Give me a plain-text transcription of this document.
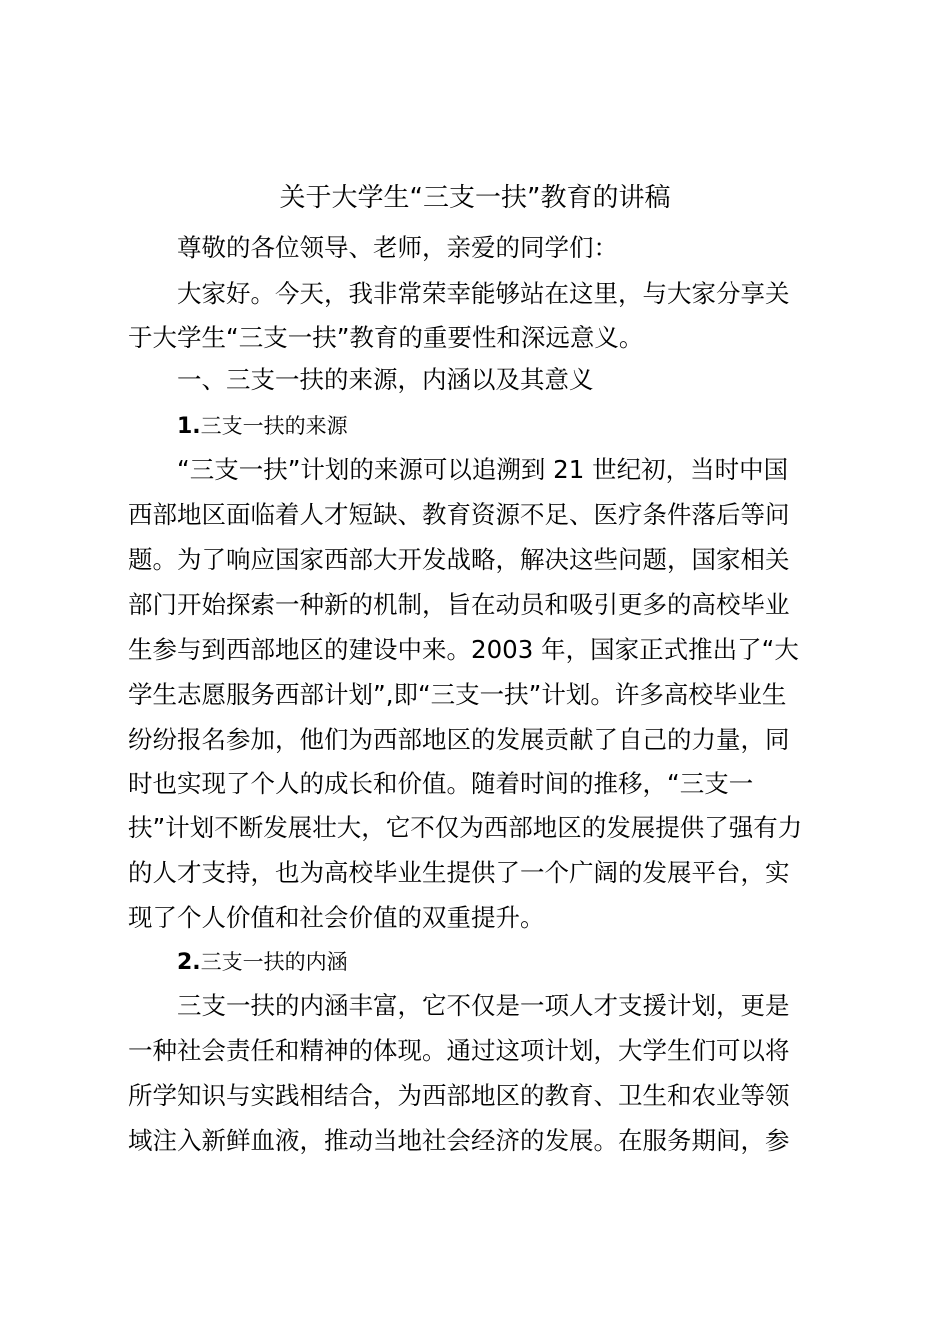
关于大学生“三支一扶”教育的讲稿
尊敬的各位领导、老师，亲爱的同学们：
大家好。今天，我非常荣幸能够站在这里，与大家分享关
于大学生“三支一扶”教育的重要性和深远意义。
一、三支一扶的来源，内涵以及其意义
1.三支一扶的来源
“三支一扶”计划的来源可以追溯到 21 世纪初，当时中国
西部地区面临着人才短缺、教育资源不足、医疗条件落后等问
题。为了响应国家西部大开发战略，解决这些问题，国家相关
部门开始探索一种新的机制，旨在动员和吸引更多的高校毕业
生参与到西部地区的建设中来。2003 年，国家正式推出了“大
学生志愿服务西部计划”,即“三支一扶”计划。许多高校毕业生
纷纷报名参加，他们为西部地区的发展贡献了自己的力量，同
时也实现了个人的成长和价值。随着时间的推移，“三支一
扶”计划不断发展壮大，它不仅为西部地区的发展提供了强有力
的人才支持，也为高校毕业生提供了一个广阔的发展平台，实
现了个人价值和社会价值的双重提升。
2.三支一扶的内涵
三支一扶的内涵丰富，它不仅是一项人才支援计划，更是
一种社会责任和精神的体现。通过这项计划，大学生们可以将
所学知识与实践相结合，为西部地区的教育、卫生和农业等领
域注入新鲜血液，推动当地社会经济的发展。在服务期间，参
